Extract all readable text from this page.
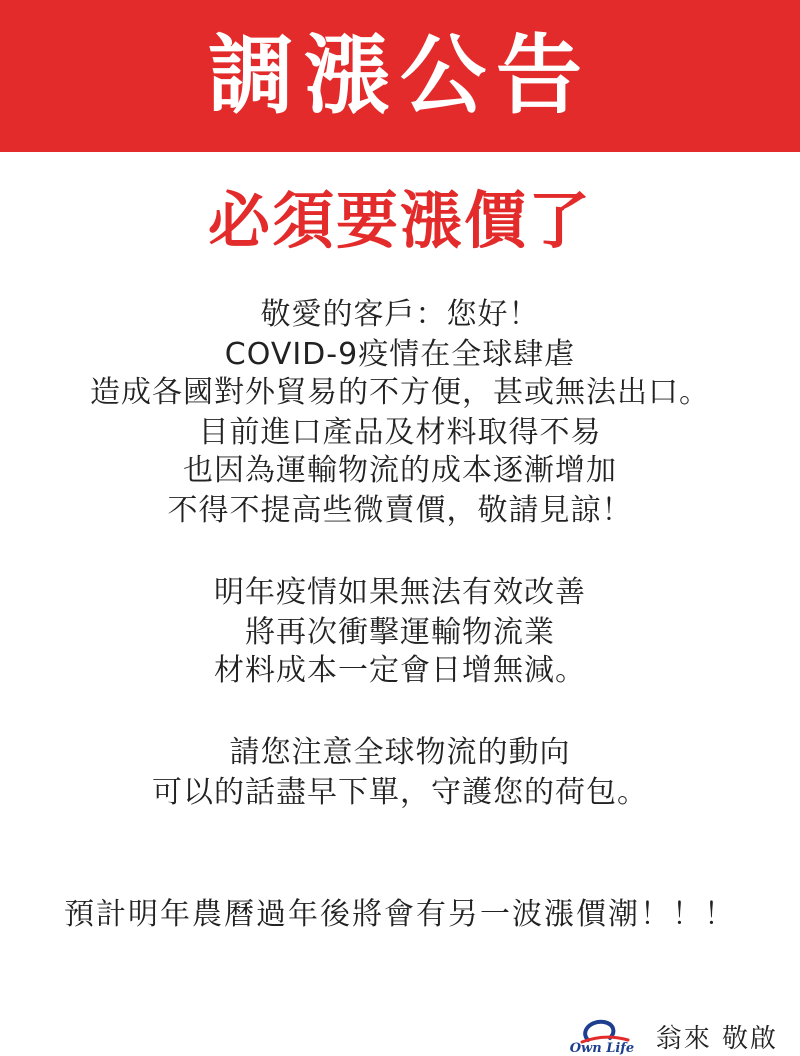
調漲公告
必須要漲價了
敬愛的客戶：您好！
COVID-9疫情在全球肆虐
造成各國對外貿易的不方便，甚或無法出口。
目前進口產品及材料取得不易
也因為運輸物流的成本逐漸增加
不得不提高些微賣價，敬請見諒！
明年疫情如果無法有效改善
將再次衝擊運輸物流業
材料成本一定會日增無減。
請您注意全球物流的動向
可以的話盡早下單，守護您的荷包。
預計明年農曆過年後將會有另一波漲價潮！！！
Own Life 翁來 敬啟
